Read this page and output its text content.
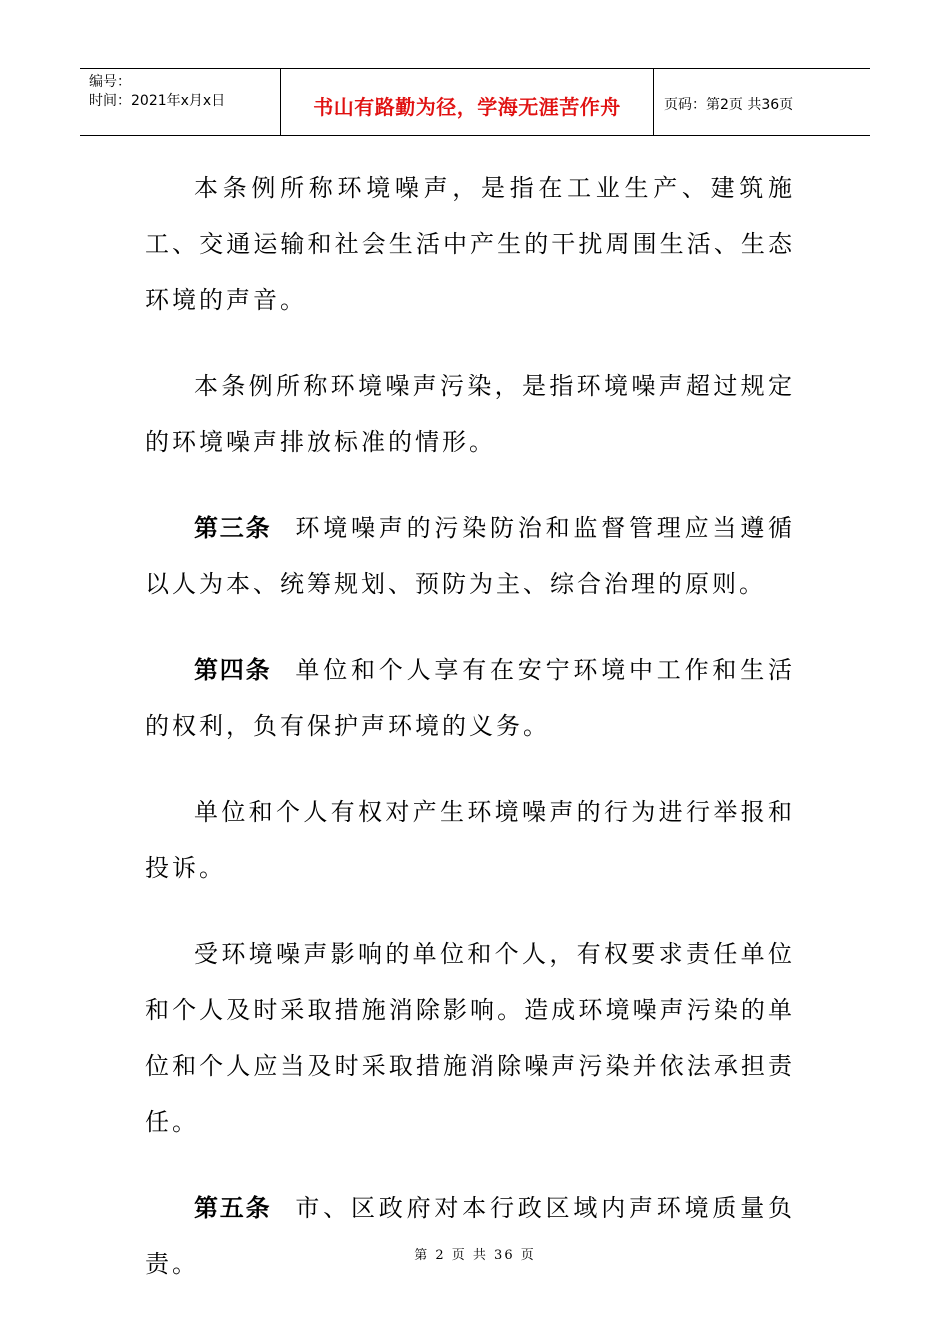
编号：
时间：2021年x月x日	书山有路勤为径，学海无涯苦作舟	页码：第2页 共36页

本条例所称环境噪声，是指在工业生产、建筑施工、交通运输和社会生活中产生的干扰周围生活、生态环境的声音。

本条例所称环境噪声污染，是指环境噪声超过规定的环境噪声排放标准的情形。

第三条 环境噪声的污染防治和监督管理应当遵循以人为本、统筹规划、预防为主、综合治理的原则。

第四条 单位和个人享有在安宁环境中工作和生活的权利，负有保护声环境的义务。

单位和个人有权对产生环境噪声的行为进行举报和投诉。

受环境噪声影响的单位和个人，有权要求责任单位和个人及时采取措施消除影响。造成环境噪声污染的单位和个人应当及时采取措施消除噪声污染并依法承担责任。

第五条 市、区政府对本行政区域内声环境质量负责。	第 2 页 共 36 页
